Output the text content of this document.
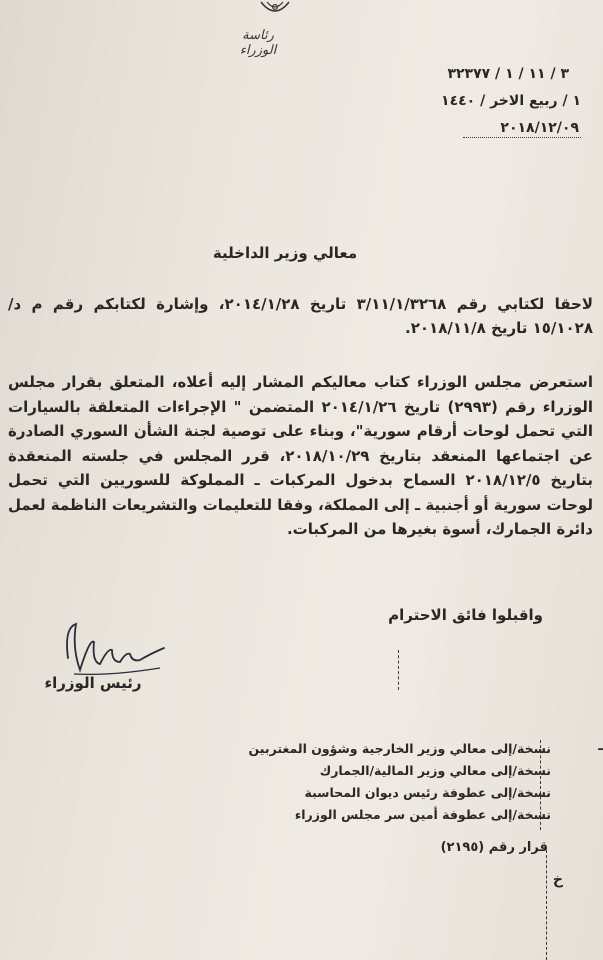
رئاسة الوزراء
٣ / ١١ / ١ / ٣٢٣٧٧
١ / ربيع الاخر / ١٤٤٠
٢٠١٨/١٢/٠٩
معالي وزير الداخلية
لاحقا لكتابي رقم ٣/١١/١/٣٢٦٨ تاريخ ٢٠١٤/١/٢٨، وإشارة لكتابكم رقم م د/١٥/١٠٢٨ تاريخ ٢٠١٨/١١/٨.
استعرض مجلس الوزراء كتاب معاليكم المشار إليه أعلاه، المتعلق بقرار مجلس الوزراء رقم (٢٩٩٣) تاريخ ٢٠١٤/١/٢٦ المتضمن " الإجراءات المتعلقة بالسيارات التي تحمل لوحات أرقام سورية"، وبناء على توصية لجنة الشأن السوري الصادرة عن اجتماعها المنعقد بتاريخ ٢٠١٨/١٠/٢٩، قرر المجلس في جلسته المنعقدة بتاريخ ٢٠١٨/١٢/٥ السماح بدخول المركبات ـ المملوكة للسوريين التي تحمل لوحات سورية أو أجنبية ـ إلى المملكة، وفقا للتعليمات والتشريعات الناظمة لعمل دائرة الجمارك، أسوة بغيرها من المركبات.
واقبلوا فائق الاحترام
رئيس الوزراء
ـ
نسخة/إلى معالي وزير الخارجية وشؤون المغتربين
نسخة/إلى معالي وزير المالية/الجمارك
نسخة/إلى عطوفة رئيس ديوان المحاسبة
نسخة/إلى عطوفة أمين سر مجلس الوزراء
قرار رقم (٢١٩٥)
خ
